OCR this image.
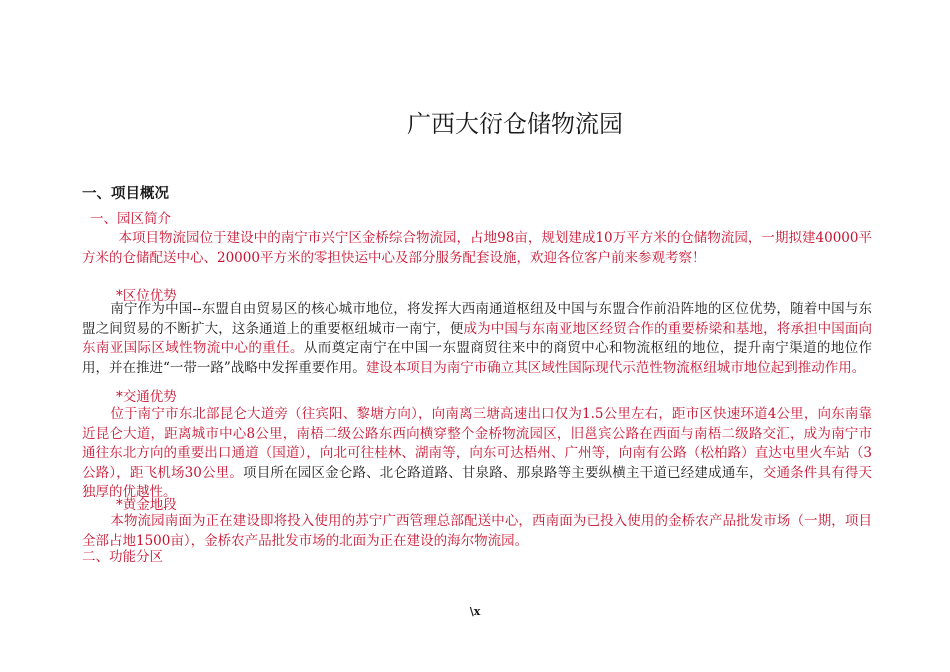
广西大衍仓储物流园
一、项目概况
一、园区简介
本项目物流园位于建设中的南宁市兴宁区金桥综合物流园，占地98亩，规划建成10万平方米的仓储物流园，一期拟建40000平方米的仓储配送中心、20000平方米的零担快运中心及部分服务配套设施，欢迎各位客户前来参观考察！
*区位优势
南宁作为中国--东盟自由贸易区的核心城市地位，将发挥大西南通道枢纽及中国与东盟合作前沿阵地的区位优势，随着中国与东盟之间贸易的不断扩大，这条通道上的重要枢纽城市一南宁，便成为中国与东南亚地区经贸合作的重要桥梁和基地，将承担中国面向东南亚国际区域性物流中心的重任。从而奠定南宁在中国一东盟商贸往来中的商贸中心和物流枢纽的地位，提升南宁渠道的地位作用，并在推进“一带一路”战略中发挥重要作用。建设本项目为南宁市确立其区域性国际现代示范性物流枢纽城市地位起到推动作用。
*交通优势
位于南宁市东北部昆仑大道旁（往宾阳、黎塘方向），向南离三塘高速出口仅为1.5公里左右，距市区快速环道4公里，向东南靠近昆仑大道，距离城市中心8公里，南梧二级公路东西向横穿整个金桥物流园区，旧邕宾公路在西面与南梧二级路交汇，成为南宁市通往东北方向的重要出口通道（国道），向北可往桂林、湖南等，向东可达梧州、广州等，向南有公路（松柏路）直达屯里火车站（3公路），距飞机场30公里。项目所在园区金仑路、北仑路道路、甘泉路、那泉路等主要纵横主干道已经建成通车，交通条件具有得天独厚的优越性。
*黄金地段
本物流园南面为正在建设即将投入使用的苏宁广西管理总部配送中心，西南面为已投入使用的金桥农产品批发市场（一期，项目全部占地1500亩），金桥农产品批发市场的北面为正在建设的海尔物流园。
二、功能分区
\x
